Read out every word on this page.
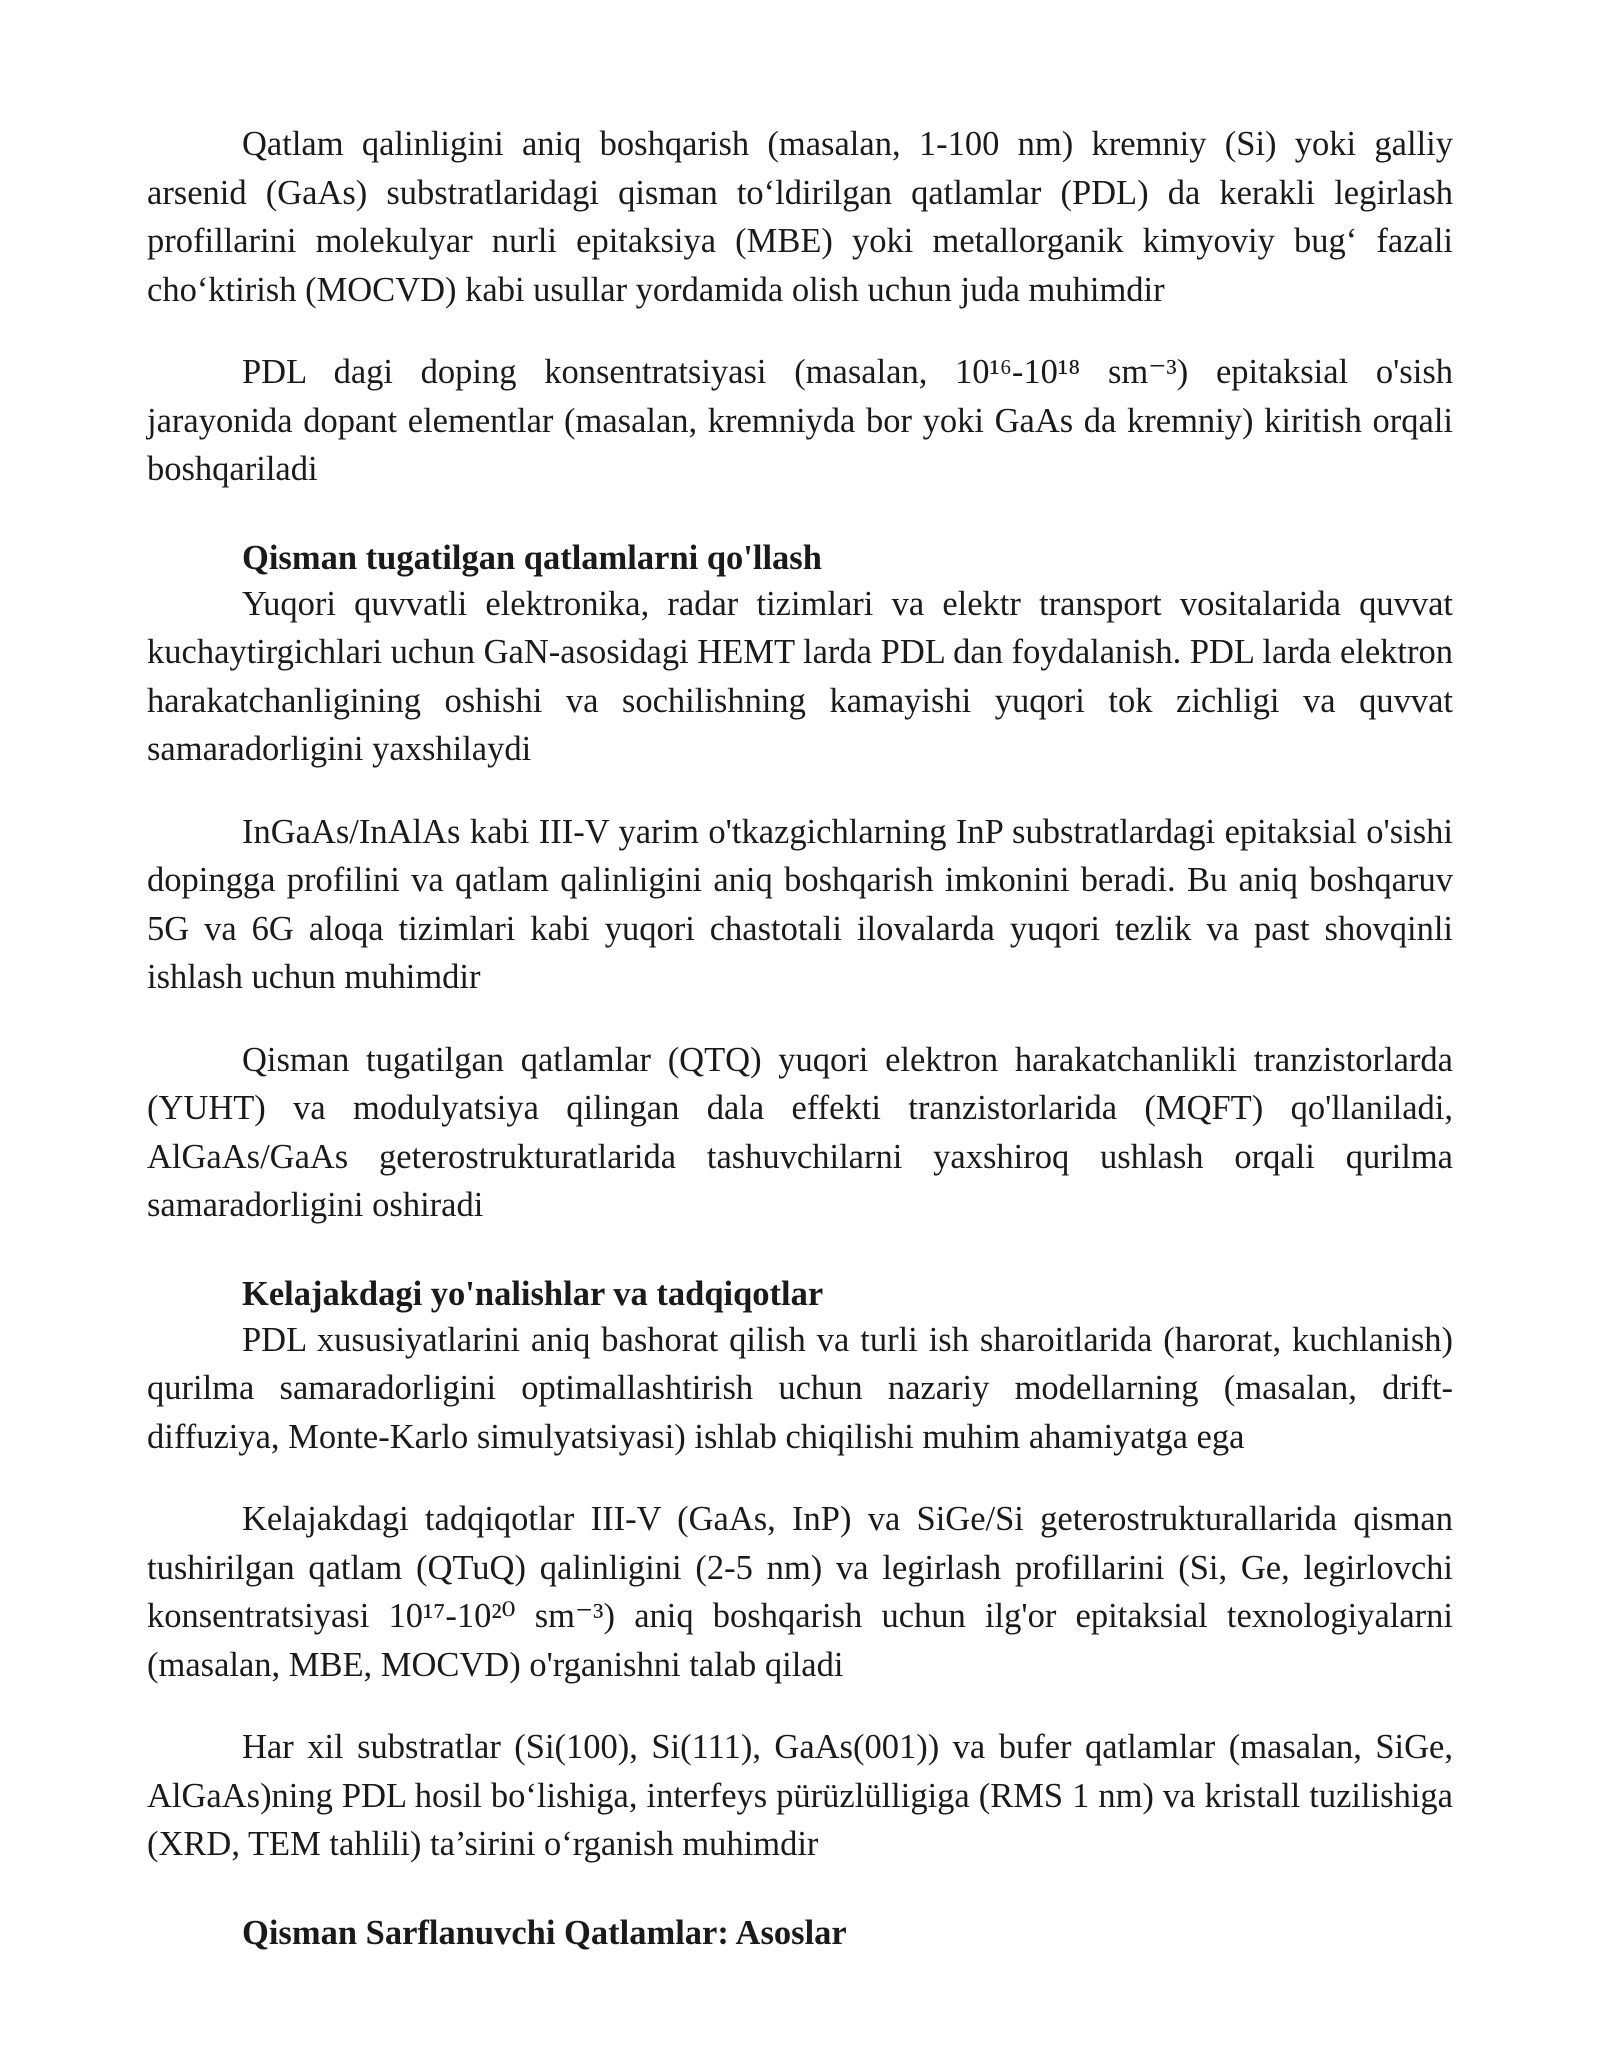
Qatlam qalinligini aniq boshqarish (masalan, 1-100 nm) kremniy (Si) yoki galliy arsenid (GaAs) substratlaridagi qisman to‘ldirilgan qatlamlar (PDL) da kerakli legirlash profillarini molekulyar nurli epitaksiya (MBE) yoki metallorganik kimyoviy bug‘ fazali cho‘ktirish (MOCVD) kabi usullar yordamida olish uchun juda muhimdir

PDL dagi doping konsentratsiyasi (masalan, 10¹⁶-10¹⁸ sm⁻³) epitaksial o'sish jarayonida dopant elementlar (masalan, kremniyda bor yoki GaAs da kremniy) kiritish orqali boshqariladi

Qisman tugatilgan qatlamlarni qo'llash

Yuqori quvvatli elektronika, radar tizimlari va elektr transport vositalarida quvvat kuchaytirgichlari uchun GaN-asosidagi HEMT larda PDL dan foydalanish. PDL larda elektron harakatchanligining oshishi va sochilishning kamayishi yuqori tok zichligi va quvvat samaradorligini yaxshilaydi

InGaAs/InAlAs kabi III-V yarim o'tkazgichlarning InP substratlardagi epitaksial o'sishi dopingga profilini va qatlam qalinligini aniq boshqarish imkonini beradi. Bu aniq boshqaruv 5G va 6G aloqa tizimlari kabi yuqori chastotali ilovalarda yuqori tezlik va past shovqinli ishlash uchun muhimdir

Qisman tugatilgan qatlamlar (QTQ) yuqori elektron harakatchanlikli tranzistorlarda (YUHT) va modulyatsiya qilingan dala effekti tranzistorlarida (MQFT) qo'llaniladi, AlGaAs/GaAs geterostrukturatlarida tashuvchilarni yaxshiroq ushlash orqali qurilma samaradorligini oshiradi

Kelajakdagi yo'nalishlar va tadqiqotlar

PDL xususiyatlarini aniq bashorat qilish va turli ish sharoitlarida (harorat, kuchlanish) qurilma samaradorligini optimallashtirish uchun nazariy modellarning (masalan, drift-diffuziya, Monte-Karlo simulyatsiyasi) ishlab chiqilishi muhim ahamiyatga ega

Kelajakdagi tadqiqotlar III-V (GaAs, InP) va SiGe/Si geterostrukturallarida qisman tushirilgan qatlam (QTuQ) qalinligini (2-5 nm) va legirlash profillarini (Si, Ge, legirlovchi konsentratsiyasi 10¹⁷-10²⁰ sm⁻³) aniq boshqarish uchun ilg'or epitaksial texnologiyalarni (masalan, MBE, MOCVD) o'rganishni talab qiladi

Har xil substratlar (Si(100), Si(111), GaAs(001)) va bufer qatlamlar (masalan, SiGe, AlGaAs)ning PDL hosil bo‘lishiga, interfeys pürüzlülligiga (RMS 1 nm) va kristall tuzilishiga (XRD, TEM tahlili) ta’sirini o‘rganish muhimdir

Qisman Sarflanuvchi Qatlamlar: Asoslar
